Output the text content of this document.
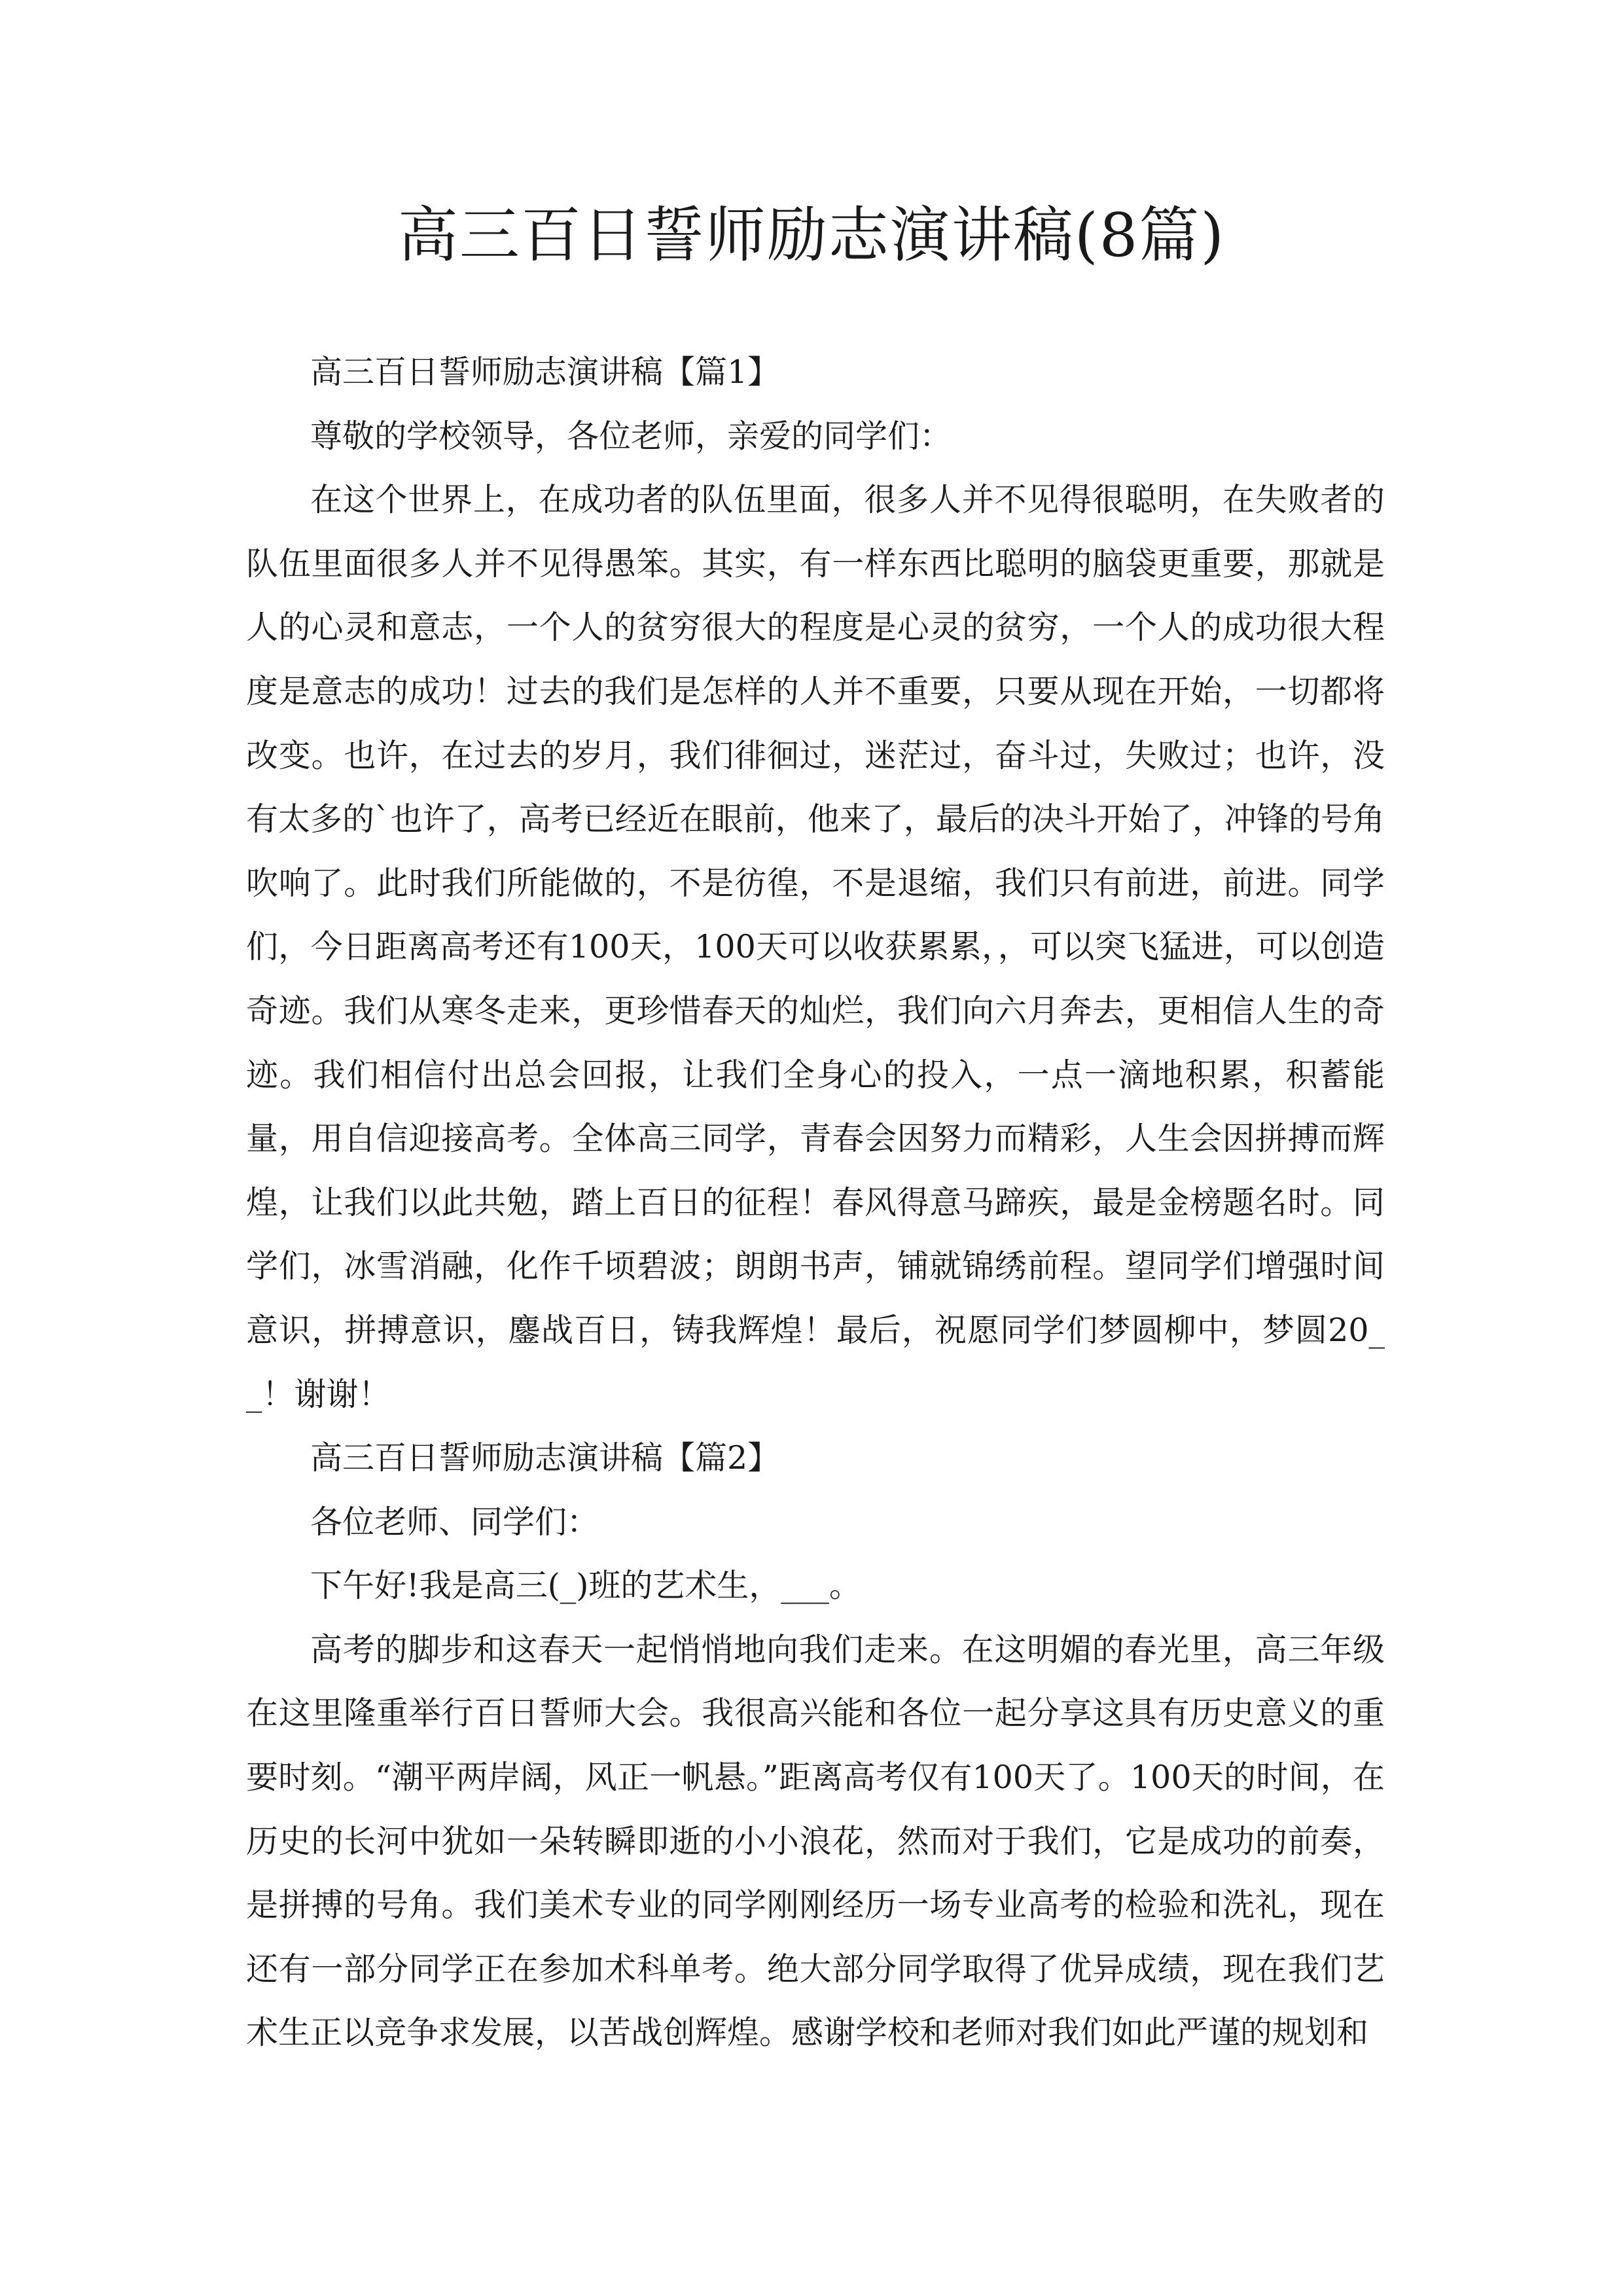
高三百日誓师励志演讲稿(8篇)

高三百日誓师励志演讲稿【篇1】

尊敬的学校领导，各位老师，亲爱的同学们：

在这个世界上，在成功者的队伍里面，很多人并不见得很聪明，在失败者的队伍里面很多人并不见得愚笨。其实，有一样东西比聪明的脑袋更重要，那就是人的心灵和意志，一个人的贫穷很大的程度是心灵的贫穷，一个人的成功很大程度是意志的成功！过去的我们是怎样的人并不重要，只要从现在开始，一切都将改变。也许，在过去的岁月，我们徘徊过，迷茫过，奋斗过，失败过；也许，没有太多的`也许了，高考已经近在眼前，他来了，最后的决斗开始了，冲锋的号角吹响了。此时我们所能做的，不是彷徨，不是退缩，我们只有前进，前进。同学们，今日距离高考还有100天，100天可以收获累累，，可以突飞猛进，可以创造奇迹。我们从寒冬走来，更珍惜春天的灿烂，我们向六月奔去，更相信人生的奇迹。我们相信付出总会回报，让我们全身心的投入，一点一滴地积累，积蓄能量，用自信迎接高考。全体高三同学，青春会因努力而精彩，人生会因拼搏而辉煌，让我们以此共勉，踏上百日的征程！春风得意马蹄疾，最是金榜题名时。同学们，冰雪消融，化作千顷碧波；朗朗书声，铺就锦绣前程。望同学们增强时间意识，拼搏意识，鏖战百日，铸我辉煌！最后，祝愿同学们梦圆柳中，梦圆20__！谢谢！

高三百日誓师励志演讲稿【篇2】

各位老师、同学们：

下午好!我是高三(_)班的艺术生，___。

高考的脚步和这春天一起悄悄地向我们走来。在这明媚的春光里，高三年级在这里隆重举行百日誓师大会。我很高兴能和各位一起分享这具有历史意义的重要时刻。“潮平两岸阔，风正一帆悬。”距离高考仅有100天了。100天的时间，在历史的长河中犹如一朵转瞬即逝的小小浪花，然而对于我们，它是成功的前奏，是拼搏的号角。我们美术专业的同学刚刚经历一场专业高考的检验和洗礼，现在还有一部分同学正在参加术科单考。绝大部分同学取得了优异成绩，现在我们艺术生正以竞争求发展，以苦战创辉煌。感谢学校和老师对我们如此严谨的规划和
